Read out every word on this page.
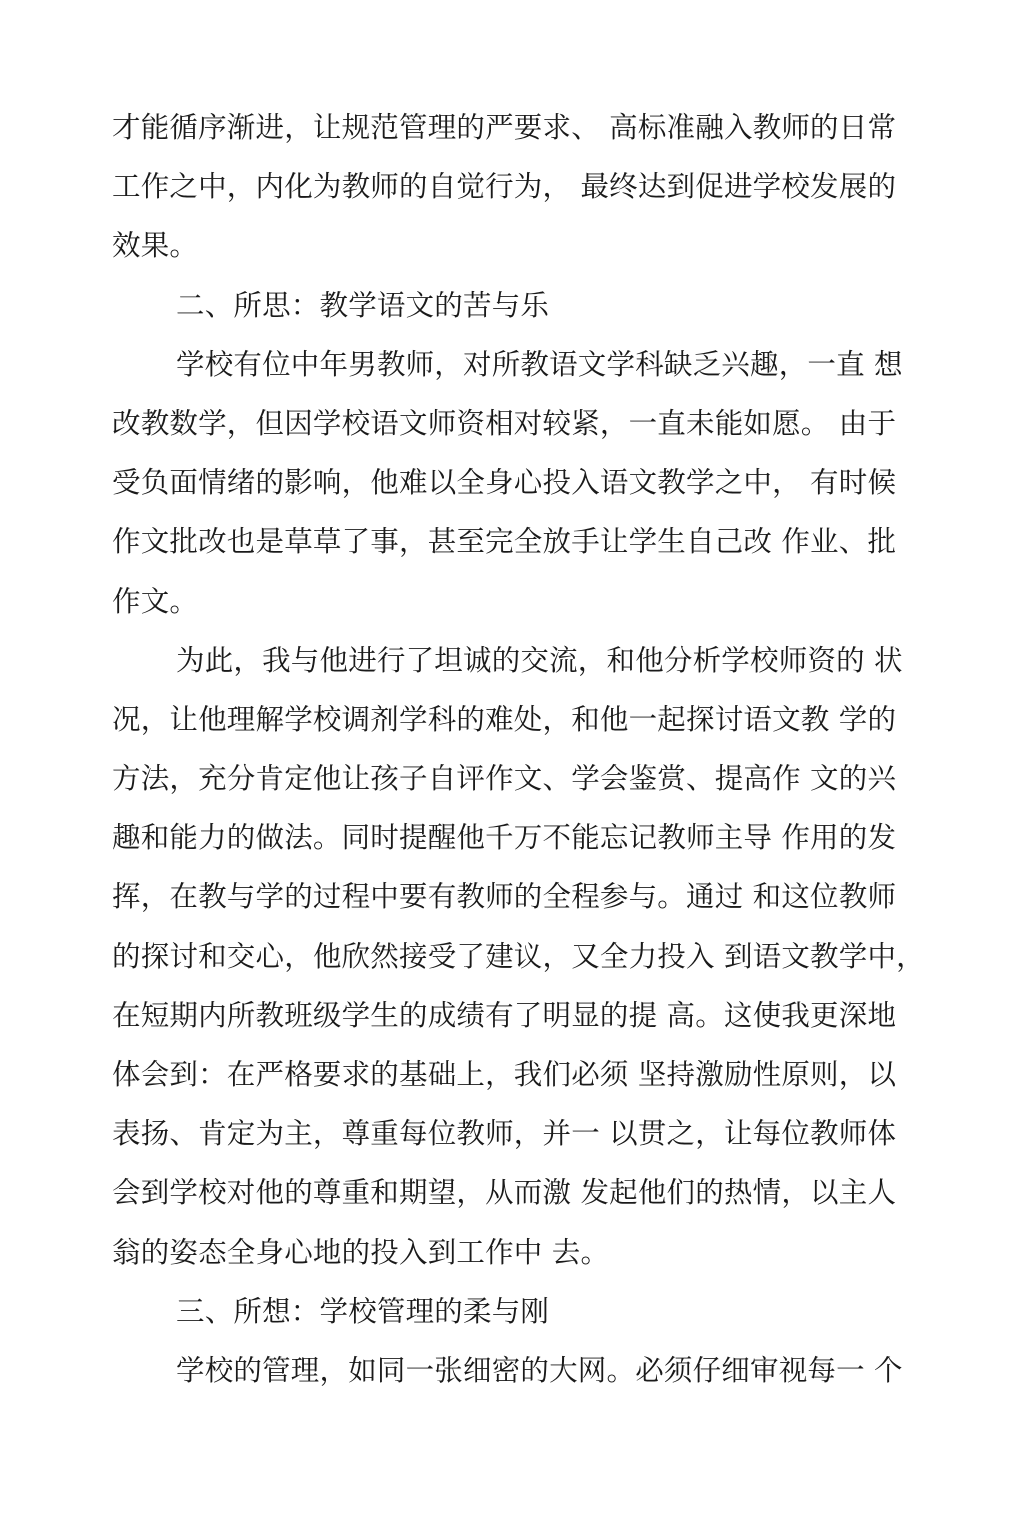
才能循序渐进，让规范管理的严要求、 高标准融入教师的日常
工作之中，内化为教师的自觉行为， 最终达到促进学校发展的
效果。
二、所思：教学语文的苦与乐
学校有位中年男教师，对所教语文学科缺乏兴趣，一直 想
改教数学，但因学校语文师资相对较紧，一直未能如愿。 由于
受负面情绪的影响，他难以全身心投入语文教学之中， 有时候
作文批改也是草草了事，甚至完全放手让学生自己改 作业、批
作文。
为此，我与他进行了坦诚的交流，和他分析学校师资的 状
况，让他理解学校调剂学科的难处，和他一起探讨语文教 学的
方法，充分肯定他让孩子自评作文、学会鉴赏、提高作 文的兴
趣和能力的做法。同时提醒他千万不能忘记教师主导 作用的发
挥，在教与学的过程中要有教师的全程参与。通过 和这位教师
的探讨和交心，他欣然接受了建议，又全力投入 到语文教学中，
在短期内所教班级学生的成绩有了明显的提 高。这使我更深地
体会到：在严格要求的基础上，我们必须 坚持激励性原则，以
表扬、肯定为主，尊重每位教师，并一 以贯之，让每位教师体
会到学校对他的尊重和期望，从而激 发起他们的热情，以主人
翁的姿态全身心地的投入到工作中 去。
三、所想：学校管理的柔与刚
学校的管理，如同一张细密的大网。必须仔细审视每一 个
